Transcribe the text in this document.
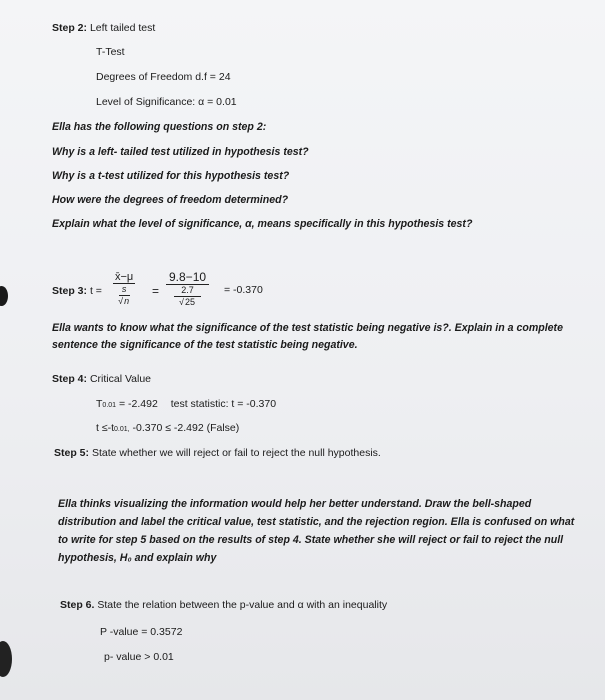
Step 2: Left tailed test
T-Test
Degrees of Freedom d.f = 24
Level of Significance: α = 0.01
Ella has the following questions on step 2:
Why is a left- tailed test utilized in hypothesis test?
Why is a t-test utilized for this hypothesis test?
How were the degrees of freedom determined?
Explain what the level of significance, α, means specifically in this hypothesis test?
Step 3: t =
x̄−μ
s
√n
=
9.8−10
2.7
√25
= -0.370
Ella wants to know what the significance of the test statistic being negative is?. Explain in a complete sentence the significance of the test statistic being negative.
Step 4: Critical Value
T0.01 = -2.492 test statistic: t = -0.370
t ≤-t0.01, -0.370 ≤ -2.492 (False)
Step 5: State whether we will reject or fail to reject the null hypothesis.
Ella thinks visualizing the information would help her better understand. Draw the bell-shaped distribution and label the critical value, test statistic, and the rejection region. Ella is confused on what to write for step 5 based on the results of step 4. State whether she will reject or fail to reject the null hypothesis, H₀ and explain why
Step 6. State the relation between the p-value and α with an inequality
P -value = 0.3572
p- value > 0.01
